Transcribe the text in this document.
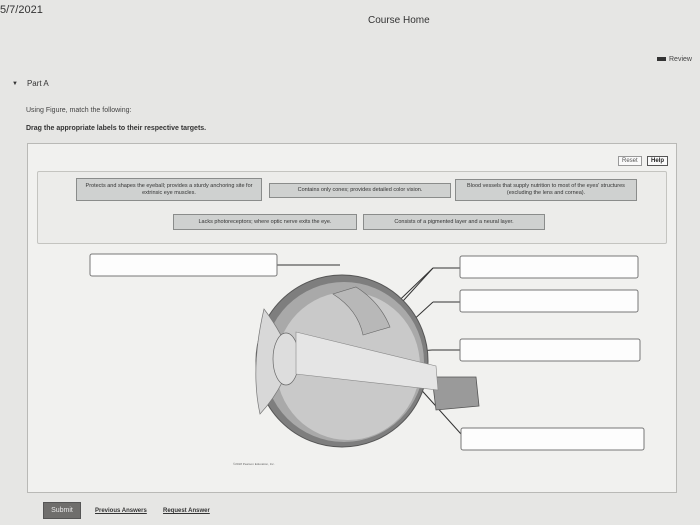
5/7/2021
Course Home
Review
▼ Part A
Using Figure, match the following:
Drag the appropriate labels to their respective targets.
Reset	Help
Protects and shapes the eyeball; provides a sturdy anchoring site for extrinsic eye muscles.	Contains only cones; provides detailed color vision.
Blood vessels that supply nutrition to most of the eyes' structures (excluding the lens and cornea).
Lacks photoreceptors; where optic nerve exits the eye.	Consists of a pigmented layer and a neural layer.
©2018 Pearson Education, Inc.
Submit	Previous Answers	Request Answer
